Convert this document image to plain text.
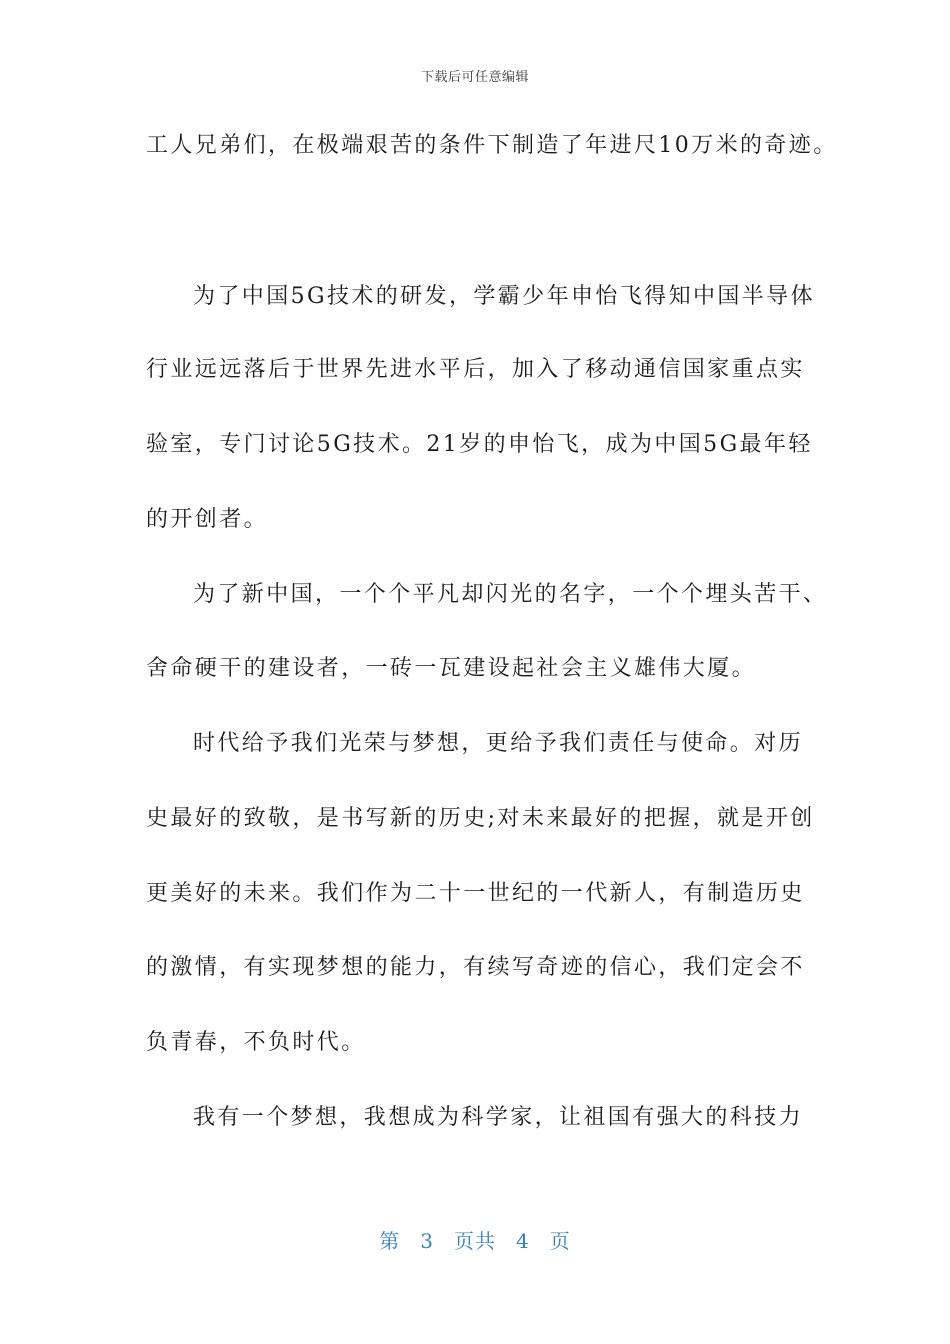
下载后可任意编辑
工人兄弟们，在极端艰苦的条件下制造了年进尺10万米的奇迹。
为了中国5G技术的研发，学霸少年申怡飞得知中国半导体
行业远远落后于世界先进水平后，加入了移动通信国家重点实
验室，专门讨论5G技术。21岁的申怡飞，成为中国5G最年轻
的开创者。
为了新中国，一个个平凡却闪光的名字，一个个埋头苦干、
舍命硬干的建设者，一砖一瓦建设起社会主义雄伟大厦。
时代给予我们光荣与梦想，更给予我们责任与使命。对历
史最好的致敬，是书写新的历史;对未来最好的把握，就是开创
更美好的未来。我们作为二十一世纪的一代新人，有制造历史
的激情，有实现梦想的能力，有续写奇迹的信心，我们定会不
负青春，不负时代。
我有一个梦想，我想成为科学家，让祖国有强大的科技力
第 3 页共 4 页
